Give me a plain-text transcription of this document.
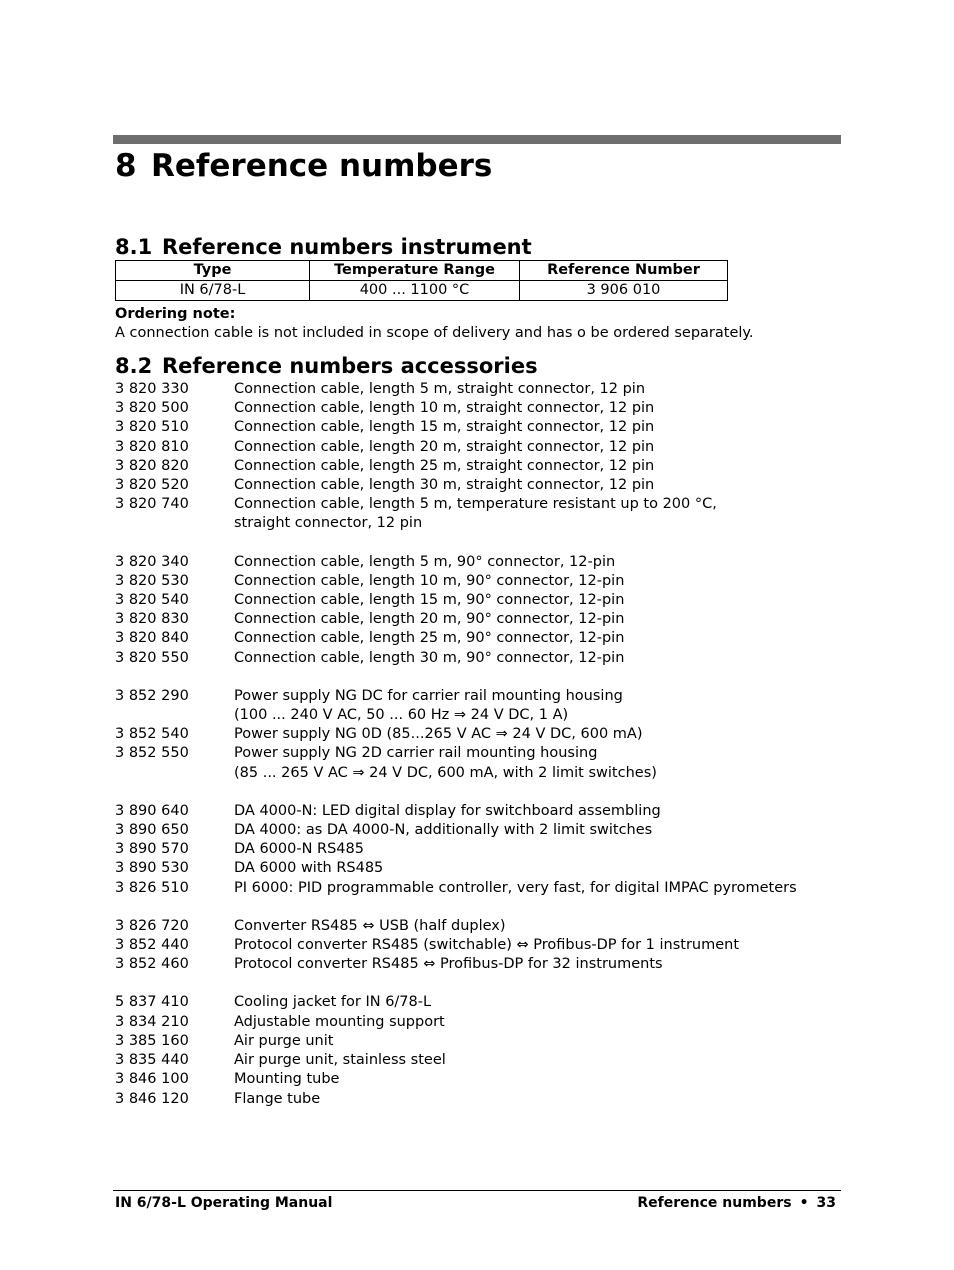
8 Reference numbers
8.1 Reference numbers instrument
Type	Temperature Range	Reference Number
IN 6/78-L	400 ... 1100 °C	3 906 010
Ordering note:
A connection cable is not included in scope of delivery and has o be ordered separately.
8.2 Reference numbers accessories
3 820 330	Connection cable, length 5 m, straight connector, 12 pin
3 820 500	Connection cable, length 10 m, straight connector, 12 pin
3 820 510	Connection cable, length 15 m, straight connector, 12 pin
3 820 810	Connection cable, length 20 m, straight connector, 12 pin
3 820 820	Connection cable, length 25 m, straight connector, 12 pin
3 820 520	Connection cable, length 30 m, straight connector, 12 pin
3 820 740	Connection cable, length 5 m, temperature resistant up to 200 °C,
straight connector, 12 pin
3 820 340	Connection cable, length 5 m, 90° connector, 12-pin
3 820 530	Connection cable, length 10 m, 90° connector, 12-pin
3 820 540	Connection cable, length 15 m, 90° connector, 12-pin
3 820 830	Connection cable, length 20 m, 90° connector, 12-pin
3 820 840	Connection cable, length 25 m, 90° connector, 12-pin
3 820 550	Connection cable, length 30 m, 90° connector, 12-pin
3 852 290	Power supply NG DC for carrier rail mounting housing
(100 ... 240 V AC, 50 ... 60 Hz ⇒ 24 V DC, 1 A)
3 852 540	Power supply NG 0D (85...265 V AC ⇒ 24 V DC, 600 mA)
3 852 550	Power supply NG 2D carrier rail mounting housing
(85 ... 265 V AC ⇒ 24 V DC, 600 mA, with 2 limit switches)
3 890 640	DA 4000-N: LED digital display for switchboard assembling
3 890 650	DA 4000: as DA 4000-N, additionally with 2 limit switches
3 890 570	DA 6000-N RS485
3 890 530	DA 6000 with RS485
3 826 510	PI 6000: PID programmable controller, very fast, for digital IMPAC pyrometers
3 826 720	Converter RS485 ⇔ USB (half duplex)
3 852 440	Protocol converter RS485 (switchable) ⇔ Profibus-DP for 1 instrument
3 852 460	Protocol converter RS485 ⇔ Profibus-DP for 32 instruments
5 837 410	Cooling jacket for IN 6/78-L
3 834 210	Adjustable mounting support
3 385 160	Air purge unit
3 835 440	Air purge unit, stainless steel
3 846 100	Mounting tube
3 846 120	Flange tube
IN 6/78-L Operating Manual	Reference numbers • 33
